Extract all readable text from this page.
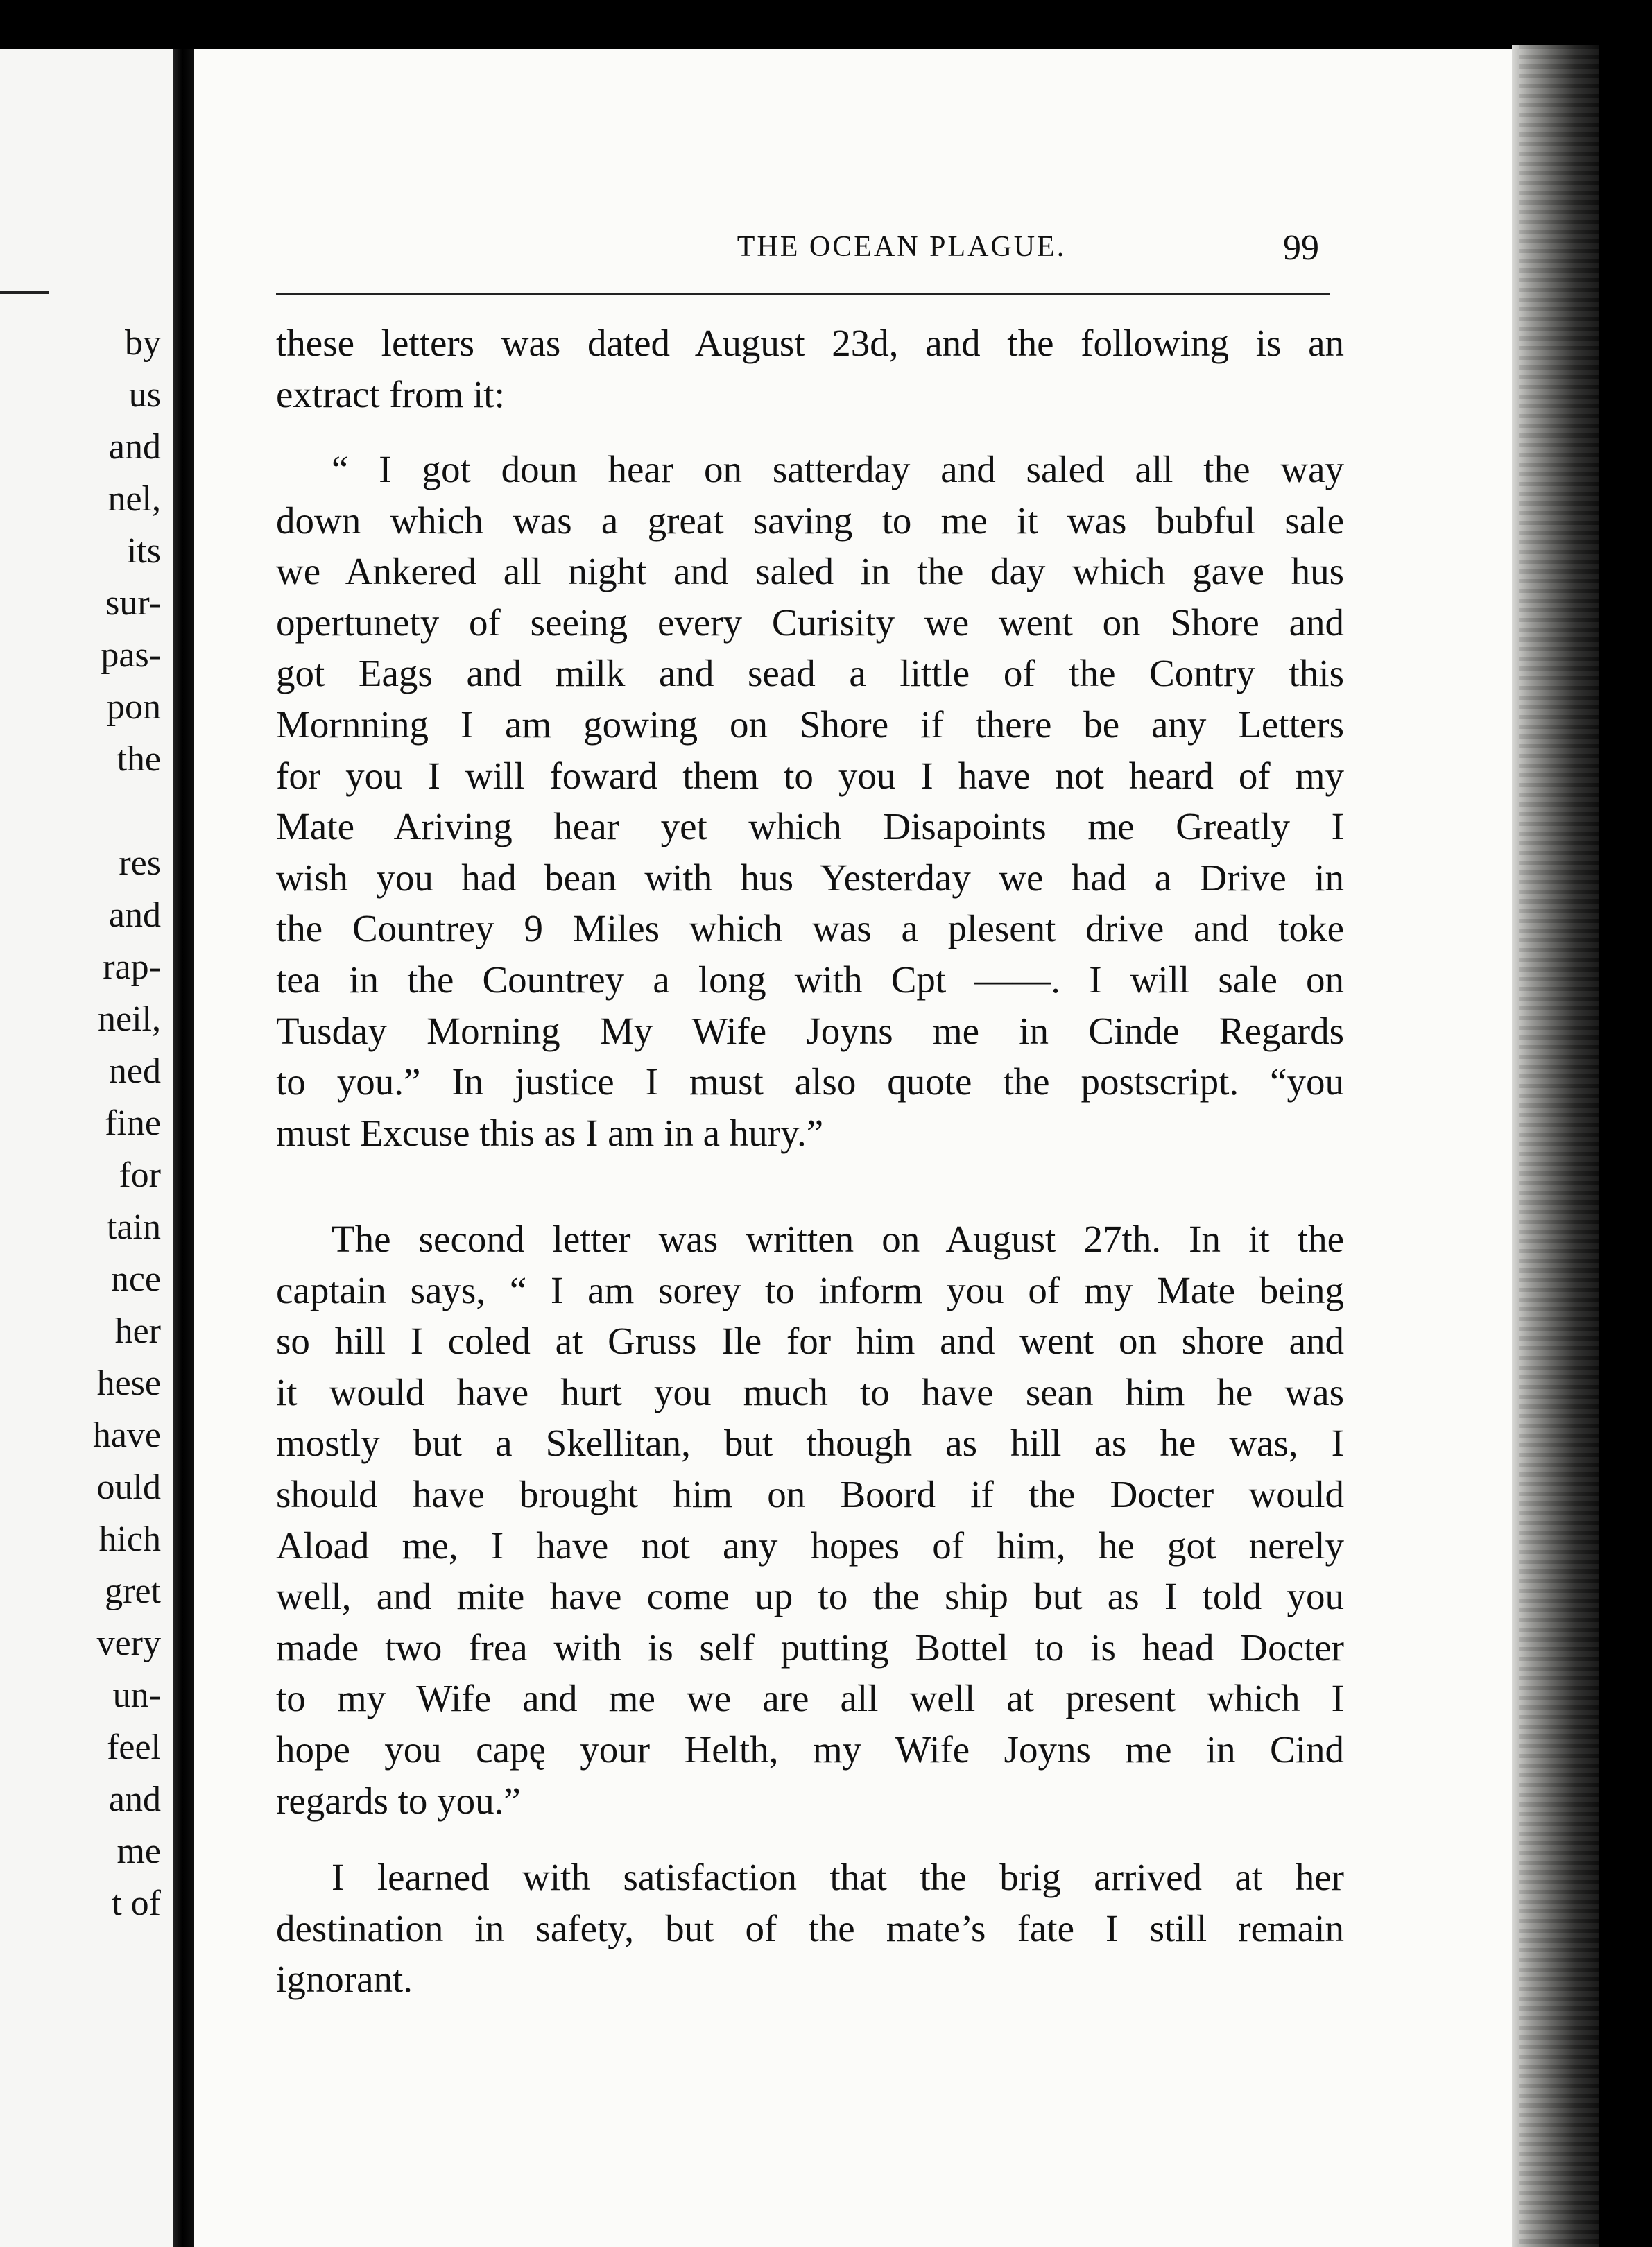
by
us
and
nel,
its
sur-
pas-
pon
the
res
and
rap-
neil,
ned
fine
for
tain
nce
her
hese
have
ould
hich
gret
very
un-
feel
and
me
t of
THE OCEAN PLAGUE.	99
these letters was dated August 23d, and the following is an
extract from it:
“ I got doun hear on satterday and saled all the way
down which was a great saving to me it was bubful sale
we Ankered all night and saled in the day which gave hus
opertunety of seeing every Curisity we went on Shore and
got Eags and milk and sead a little of the Contry this
Mornning I am gowing on Shore if there be any Letters
for you I will foward them to you I have not heard of my
Mate Ariving hear yet which Disapoints me Greatly I
wish you had bean with hus Yesterday we had a Drive in
the Countrey 9 Miles which was a plesent drive and toke
tea in the Countrey a long with Cpt ——. I will sale on
Tusday Morning My Wife Joyns me in Cinde Regards
to you.” In justice I must also quote the postscript. “you
must Excuse this as I am in a hury.”
The second letter was written on August 27th. In it the
captain says, “ I am sorey to inform you of my Mate being
so hill I coled at Gruss Ile for him and went on shore and
it would have hurt you much to have sean him he was
mostly but a Skellitan, but though as hill as he was, I
should have brought him on Boord if the Docter would
Aload me, I have not any hopes of him, he got nerely
well, and mite have come up to the ship but as I told you
made two frea with is self putting Bottel to is head Docter
to my Wife and me we are all well at present which I
hope you capę your Helth, my Wife Joyns me in Cind
regards to you.”
I learned with satisfaction that the brig arrived at her
destination in safety, but of the mate’s fate I still remain
ignorant.
